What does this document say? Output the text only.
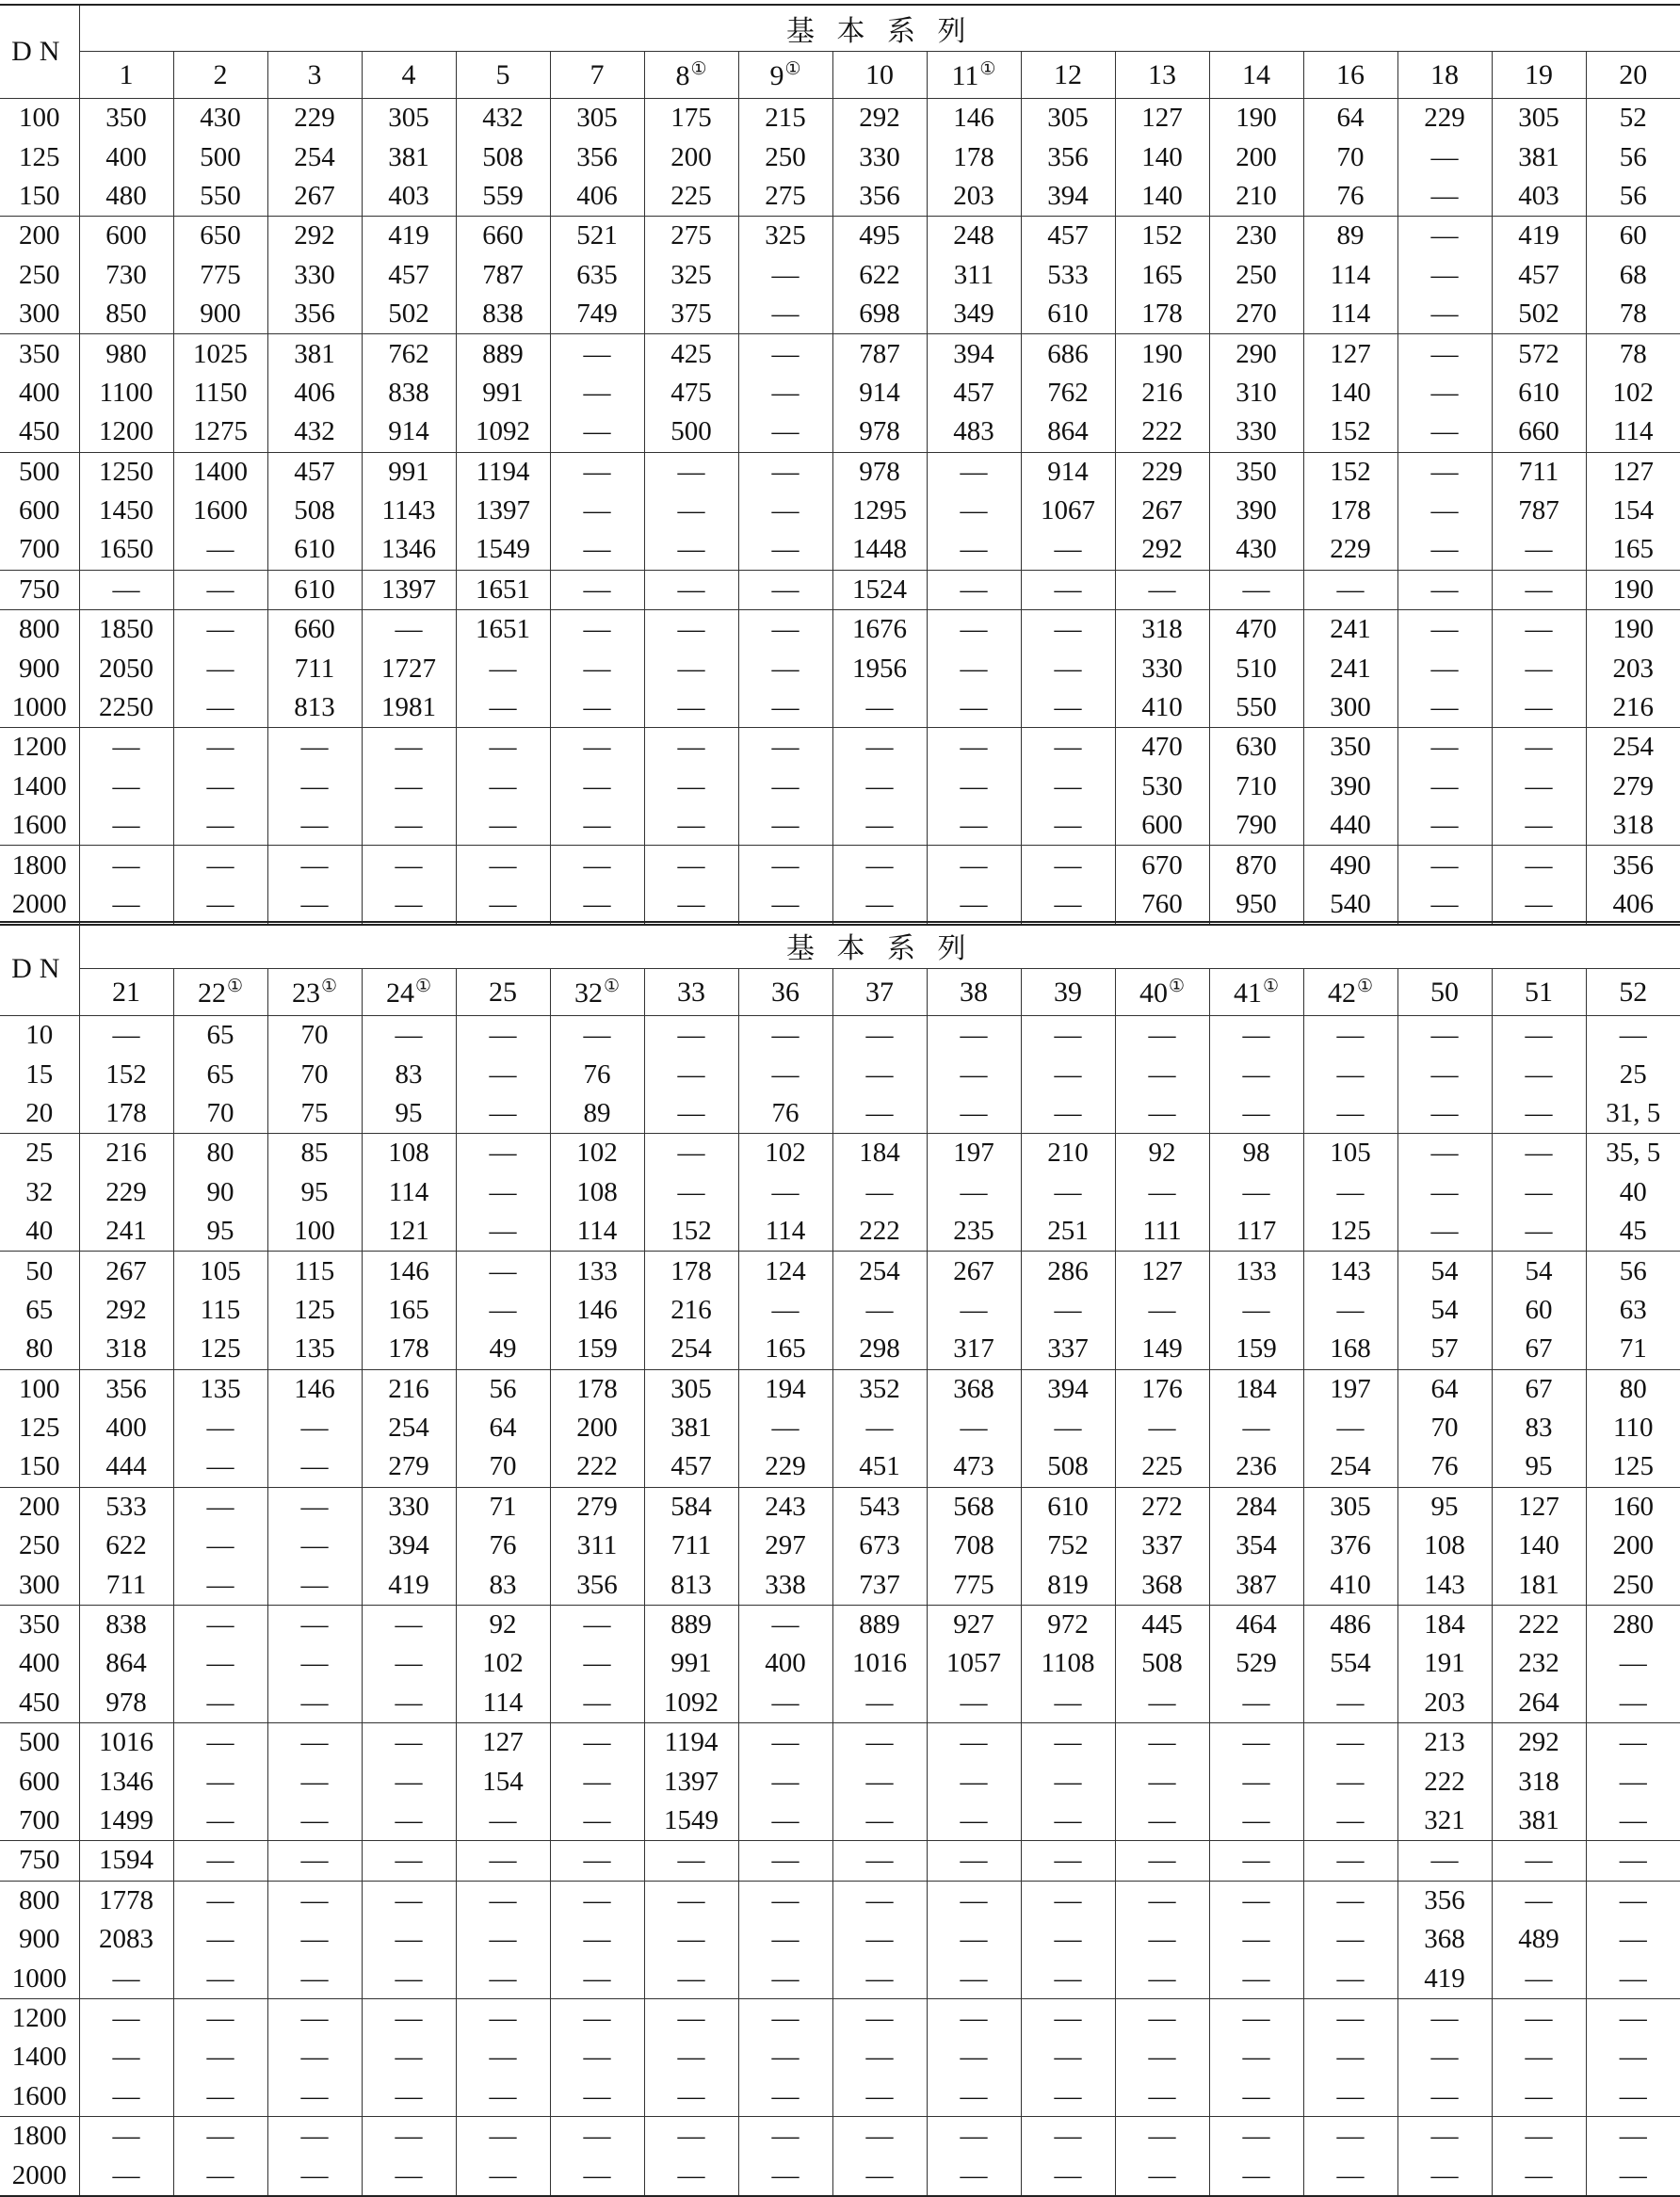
DN	基 本 系 列																
	1	2	3	4	5	7	8①	9①	10	11①	12	13	14	16	18	19	20
100	350	430	229	305	432	305	175	215	292	146	305	127	190	64	229	305	52
125	400	500	254	381	508	356	200	250	330	178	356	140	200	70	—	381	56
150	480	550	267	403	559	406	225	275	356	203	394	140	210	76	—	403	56
200	600	650	292	419	660	521	275	325	495	248	457	152	230	89	—	419	60
250	730	775	330	457	787	635	325	—	622	311	533	165	250	114	—	457	68
300	850	900	356	502	838	749	375	—	698	349	610	178	270	114	—	502	78
350	980	1025	381	762	889	—	425	—	787	394	686	190	290	127	—	572	78
400	1100	1150	406	838	991	—	475	—	914	457	762	216	310	140	—	610	102
450	1200	1275	432	914	1092	—	500	—	978	483	864	222	330	152	—	660	114
500	1250	1400	457	991	1194	—	—	—	978	—	914	229	350	152	—	711	127
600	1450	1600	508	1143	1397	—	—	—	1295	—	1067	267	390	178	—	787	154
700	1650	—	610	1346	1549	—	—	—	1448	—	—	292	430	229	—	—	165
750	—	—	610	1397	1651	—	—	—	1524	—	—	—	—	—	—	—	190
800	1850	—	660	—	1651	—	—	—	1676	—	—	318	470	241	—	—	190
900	2050	—	711	1727	—	—	—	—	1956	—	—	330	510	241	—	—	203
1000	2250	—	813	1981	—	—	—	—	—	—	—	410	550	300	—	—	216
1200	—	—	—	—	—	—	—	—	—	—	—	470	630	350	—	—	254
1400	—	—	—	—	—	—	—	—	—	—	—	530	710	390	—	—	279
1600	—	—	—	—	—	—	—	—	—	—	—	600	790	440	—	—	318
1800	—	—	—	—	—	—	—	—	—	—	—	670	870	490	—	—	356
2000	—	—	—	—	—	—	—	—	—	—	—	760	950	540	—	—	406
DN	基 本 系 列																
	21	22①	23①	24①	25	32①	33	36	37	38	39	40①	41①	42①	50	51	52
10	—	65	70	—	—	—	—	—	—	—	—	—	—	—	—	—	—
15	152	65	70	83	—	76	—	—	—	—	—	—	—	—	—	—	25
20	178	70	75	95	—	89	—	76	—	—	—	—	—	—	—	—	31, 5
25	216	80	85	108	—	102	—	102	184	197	210	92	98	105	—	—	35, 5
32	229	90	95	114	—	108	—	—	—	—	—	—	—	—	—	—	40
40	241	95	100	121	—	114	152	114	222	235	251	111	117	125	—	—	45
50	267	105	115	146	—	133	178	124	254	267	286	127	133	143	54	54	56
65	292	115	125	165	—	146	216	—	—	—	—	—	—	—	54	60	63
80	318	125	135	178	49	159	254	165	298	317	337	149	159	168	57	67	71
100	356	135	146	216	56	178	305	194	352	368	394	176	184	197	64	67	80
125	400	—	—	254	64	200	381	—	—	—	—	—	—	—	70	83	110
150	444	—	—	279	70	222	457	229	451	473	508	225	236	254	76	95	125
200	533	—	—	330	71	279	584	243	543	568	610	272	284	305	95	127	160
250	622	—	—	394	76	311	711	297	673	708	752	337	354	376	108	140	200
300	711	—	—	419	83	356	813	338	737	775	819	368	387	410	143	181	250
350	838	—	—	—	92	—	889	—	889	927	972	445	464	486	184	222	280
400	864	—	—	—	102	—	991	400	1016	1057	1108	508	529	554	191	232	—
450	978	—	—	—	114	—	1092	—	—	—	—	—	—	—	203	264	—
500	1016	—	—	—	127	—	1194	—	—	—	—	—	—	—	213	292	—
600	1346	—	—	—	154	—	1397	—	—	—	—	—	—	—	222	318	—
700	1499	—	—	—	—	—	1549	—	—	—	—	—	—	—	321	381	—
750	1594	—	—	—	—	—	—	—	—	—	—	—	—	—	—	—	—
800	1778	—	—	—	—	—	—	—	—	—	—	—	—	—	356	—	—
900	2083	—	—	—	—	—	—	—	—	—	—	—	—	—	368	489	—
1000	—	—	—	—	—	—	—	—	—	—	—	—	—	—	419	—	—
1200	—	—	—	—	—	—	—	—	—	—	—	—	—	—	—	—	—
1400	—	—	—	—	—	—	—	—	—	—	—	—	—	—	—	—	—
1600	—	—	—	—	—	—	—	—	—	—	—	—	—	—	—	—	—
1800	—	—	—	—	—	—	—	—	—	—	—	—	—	—	—	—	—
2000	—	—	—	—	—	—	—	—	—	—	—	—	—	—	—	—	—
